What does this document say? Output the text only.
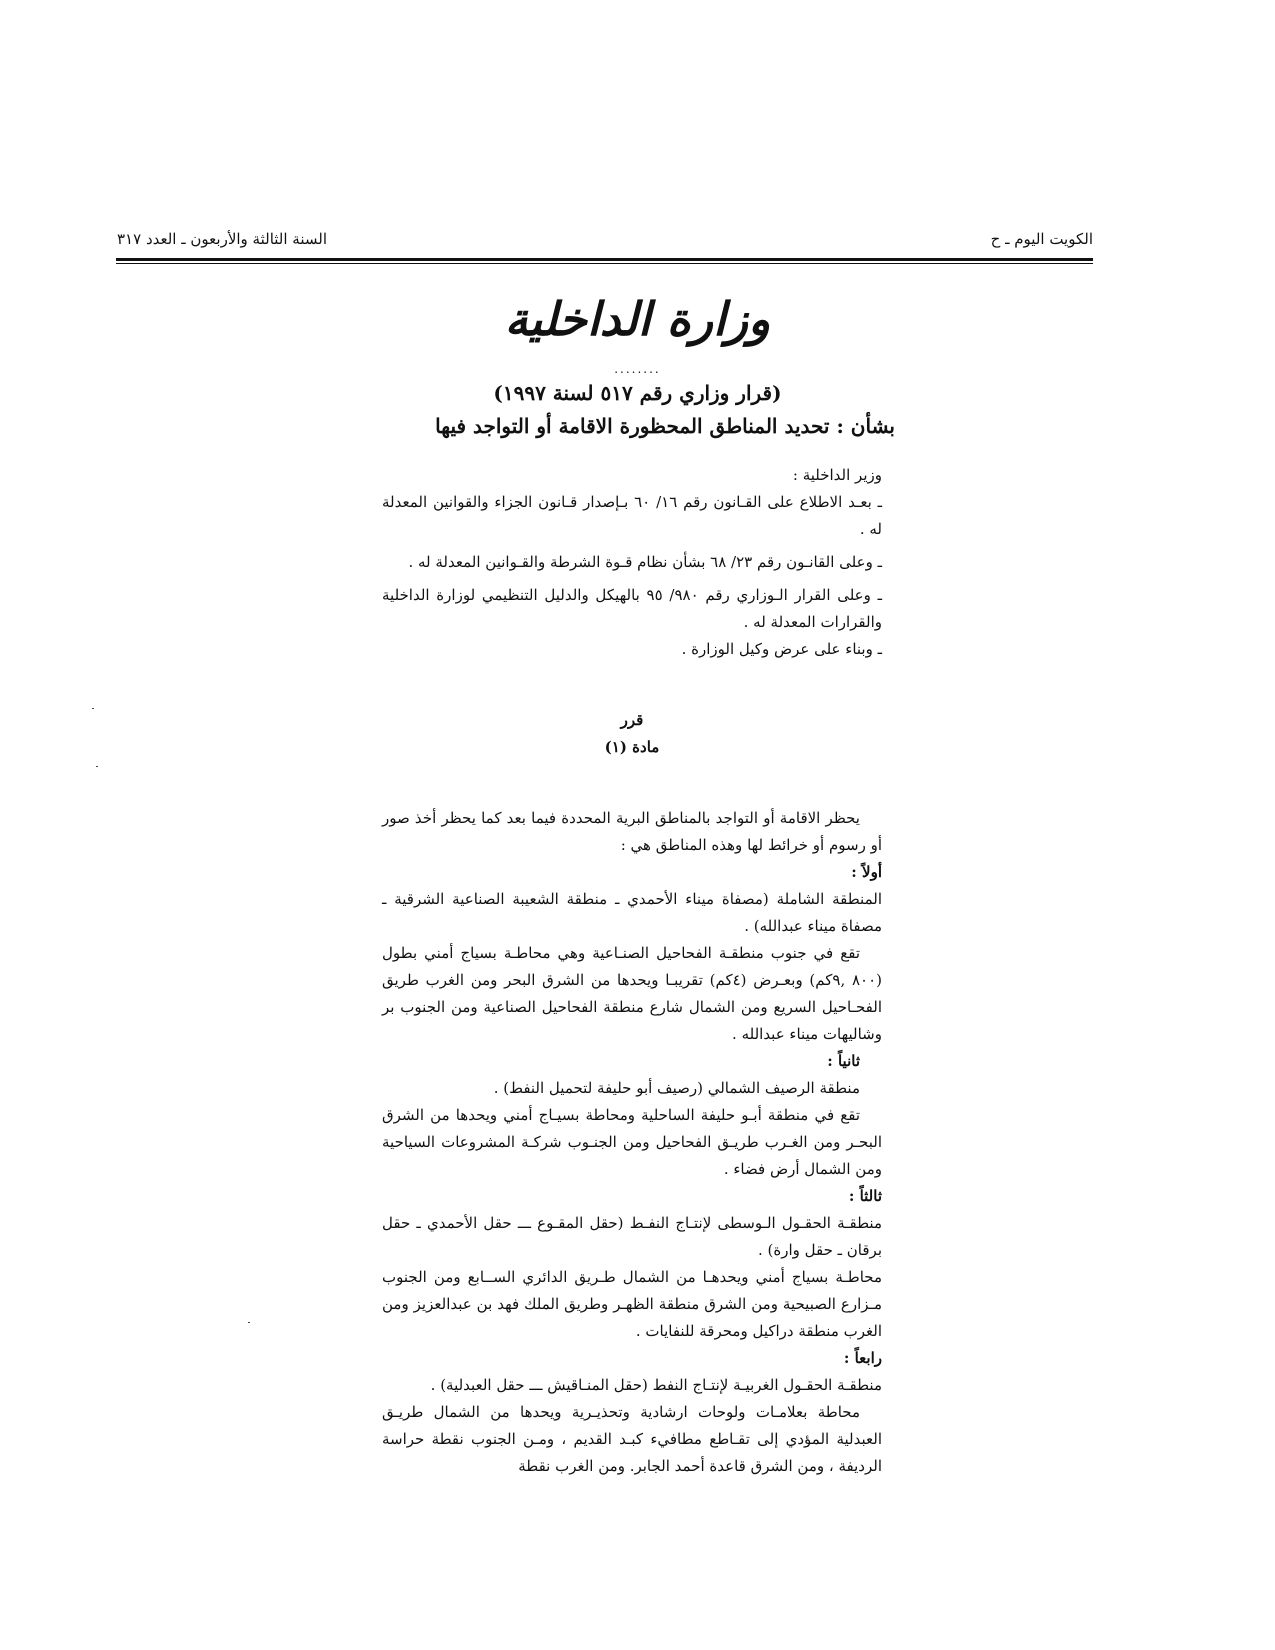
السنة الثالثة والأربعون ـ العدد ٣١٧	الكويت اليوم ـ ح
وزارة الداخلية
........
(قرار وزاري رقم ٥١٧ لسنة ١٩٩٧)
بشأن : تحديد المناطق المحظورة الاقامة أو التواجد فيها

وزير الداخلية :

ـ بعـد الاطلاع على القـانون رقم ١٦/ ٦٠ بـإصدار قـانون الجزاء والقوانين المعدلة له .

ـ وعلى القانـون رقم ٢٣/ ٦٨ بشأن نظام قـوة الشرطة والقـوانين المعدلة له .

ـ وعلى القرار الـوزاري رقم ٩٨٠/ ٩٥ بالهيكل والدليل التنظيمي لوزارة الداخلية والقرارات المعدلة له .

ـ وبناء على عرض وكيل الوزارة .

قرر

مادة (١)

يحظر الاقامة أو التواجد بالمناطق البرية المحددة فيما بعد كما يحظر أخذ صور أو رسوم أو خرائط لها وهذه المناطق هي :

أولاً :

المنطقة الشاملة (مصفاة ميناء الأحمدي ـ منطقة الشعيبة الصناعية الشرقية ـ مصفاة ميناء عبدالله) .

تقع في جنوب منطقـة الفحاحيل الصنـاعية وهي محاطـة بسياج أمني بطول (٨٠٠ ,٩كم) وبعـرض (٤كم) تقريبـا ويحدها من الشرق البحر ومن الغرب طريق الفحـاحيل السريع ومن الشمال شارع منطقة الفحاحيل الصناعية ومن الجنوب بر وشاليهات ميناء عبدالله .

ثانياً :

منطقة الرصيف الشمالي (رصيف أبو حليفة لتحميل النفط) .

تقع في منطقة أبـو حليفة الساحلية ومحاطة بسيـاج أمني ويحدها من الشرق البحـر ومن الغـرب طريـق الفحاحيل ومن الجنـوب شركـة المشروعات السياحية ومن الشمال أرض فضاء .

ثالثاً :

منطقـة الحقـول الـوسطى لإنتـاج النفـط (حقل المقـوع ـــ حقل الأحمدي ـ حقل برقان ـ حقل وارة) .

محاطـة بسياج أمني ويحدهـا من الشمال طـريق الدائري الســابع ومن الجنوب مـزارع الصبيحية ومن الشرق منطقة الظهـر وطريق الملك فهد بن عبدالعزيز ومن الغرب منطقة دراكيل ومحرقة للنفايات .

رابعاً :

منطقـة الحقـول الغربيـة لإنتـاج النفط (حقل المنـاقيش ـــ حقل العبدلية) .

محاطة بعلامـات ولوحات ارشادية وتحذيـرية ويحدها من الشمال طريـق العبدلية المؤدي إلى تقـاطع مطافيء كبـد القديم ، ومـن الجنوب نقطة حراسة الرديفة ، ومن الشرق قاعدة أحمد الجابر. ومن الغرب نقطة
